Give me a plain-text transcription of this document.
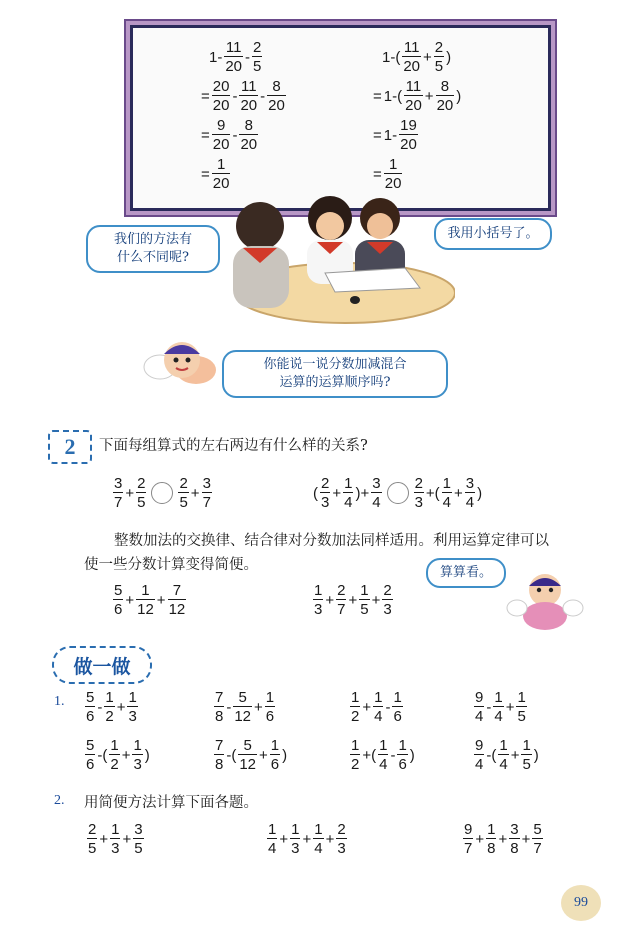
$1- \frac{11}{20} - \frac{2}{5}$
= $\frac{20}{20} - \frac{11}{20} - \frac{8}{20}$
= $\frac{9}{20} - \frac{8}{20}$
= $\frac{1}{20}$
$1-( \frac{11}{20} + \frac{2}{5}$ )
= $1-( \frac{11}{20} + \frac{8}{20}$ )
= $1- \frac{19}{20}$
= $\frac{1}{20}$
我们的方法有
什么不同呢?
我用小括号了。
你能说一说分数加减混合
运算的运算顺序吗?
2	下面每组算式的左右两边有什么样的关系?
$\frac{3}{7} + \frac{2}{5} \frac{2}{5} + \frac{3}{7}$	( $\frac{2}{3} + \frac{1}{4}$ )+ $\frac{3}{4} \frac{2}{3}$ +( $\frac{1}{4} + \frac{3}{4}$ )
整数加法的交换律、结合律对分数加法同样适用。利用运算定律可以
使一些分数计算变得简便。	算算看。
$\frac{5}{6} + \frac{1}{12} + \frac{7}{12}$	$\frac{1}{3} + \frac{2}{7} + \frac{1}{5} + \frac{2}{3}$
做一做
1. $\frac{5}{6} - \frac{1}{2} + \frac{1}{3}$	$\frac{7}{8} - \frac{5}{12} + \frac{1}{6}$	$\frac{1}{2} + \frac{1}{4} - \frac{1}{6}$	$\frac{9}{4} - \frac{1}{4} + \frac{1}{5}$
$\frac{5}{6}$ -( $\frac{1}{2} + \frac{1}{3}$ )	$\frac{7}{8}$ -( $\frac{5}{12} + \frac{1}{6}$ )	$\frac{1}{2}$ +( $\frac{1}{4} - \frac{1}{6}$ )	$\frac{9}{4}$ -( $\frac{1}{4} + \frac{1}{5}$ )
2. 用简便方法计算下面各题。
$\frac{2}{5} + \frac{1}{3} + \frac{3}{5}$	$\frac{1}{4} + \frac{1}{3} + \frac{1}{4} + \frac{2}{3}$	$\frac{9}{7} + \frac{1}{8} + \frac{3}{8} + \frac{5}{7}$
99
